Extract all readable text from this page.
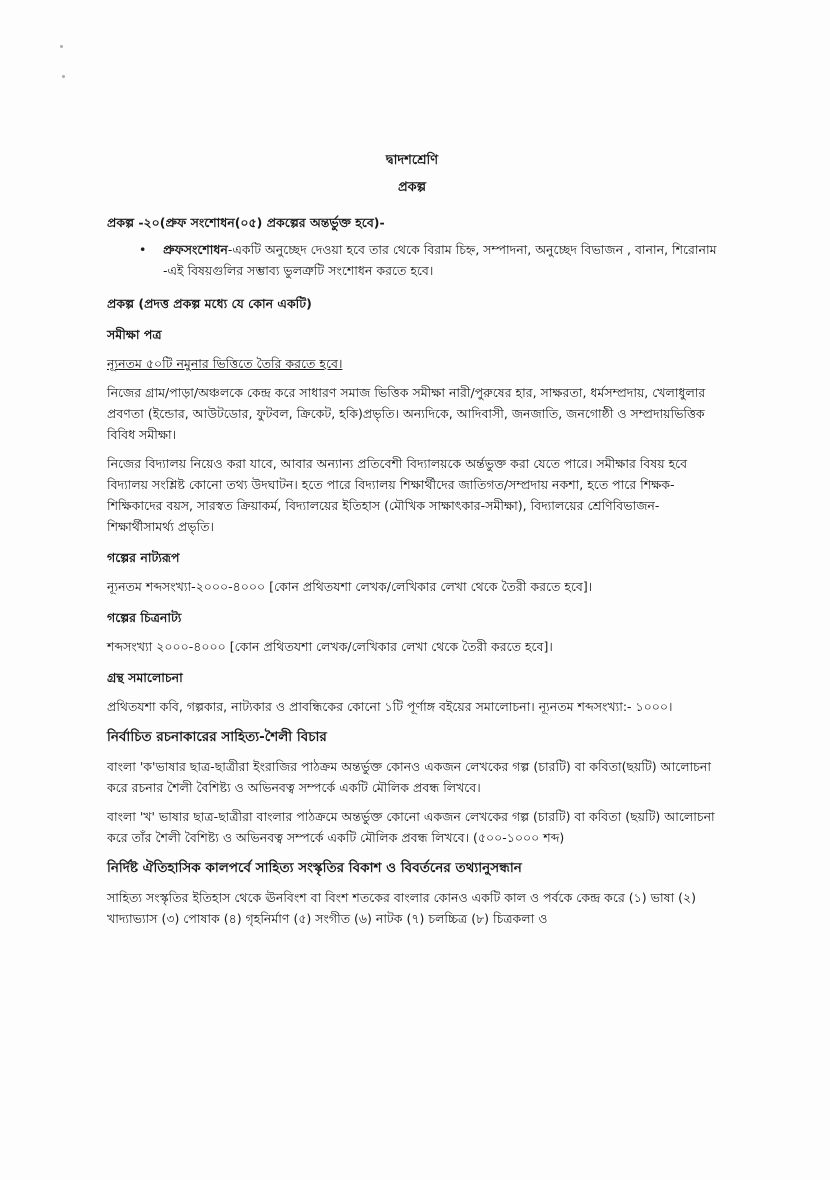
দ্বাদশশ্রেণি

প্রকল্প

প্রকল্প -২০(প্রুফ সংশোধন(০৫) প্রকল্পের অন্তর্ভুক্ত হবে)-

• প্রুফসংশোধন-একটি অনুচ্ছেদ দেওয়া হবে তার থেকে বিরাম চিহ্ন, সম্পাদনা, অনুচ্ছেদ বিভাজন , বানান, শিরোনাম -এই বিষয়গুলির সম্ভাব্য ভুলত্রুটি সংশোধন করতে হবে।

প্রকল্প (প্রদত্ত প্রকল্প মধ্যে যে কোন একটি)

সমীক্ষা পত্র

ন্যূনতম ৫০টি নমুনার ভিত্তিতে তৈরি করতে হবে।

নিজের গ্রাম/পাড়া/অঞ্চলকে কেন্দ্র করে সাধারণ সমাজ ভিত্তিক সমীক্ষা নারী/পুরুষের হার, সাক্ষরতা, ধর্মসম্প্রদায়, খেলাধুলার প্রবণতা (ইন্ডোর, আউটডোর, ফুটবল, ক্রিকেট, হকি)প্রভৃতি। অন্যদিকে, আদিবাসী, জনজাতি, জনগোষ্ঠী ও সম্প্রদায়ভিত্তিক বিবিধ সমীক্ষা।

নিজের বিদ্যালয় নিয়েও করা যাবে, আবার অন্যান্য প্রতিবেশী বিদ্যালয়কে অর্ন্তভুক্ত করা যেতে পারে। সমীক্ষার বিষয় হবে বিদ্যালয় সংশ্লিষ্ট কোনো তথ্য উদঘাটন। হতে পারে বিদ্যালয় শিক্ষার্থীদের জাতিগত/সম্প্রদায় নকশা, হতে পারে শিক্ষক- শিক্ষিকাদের বয়স, সারস্বত ক্রিয়াকর্ম, বিদ্যালয়ের ইতিহাস (মৌখিক সাক্ষাৎকার-সমীক্ষা), বিদ্যালয়ের শ্রেণিবিভাজন- শিক্ষার্থীসামর্থ্য প্রভৃতি।

গল্পের নাট্যরূপ

ন্যূনতম শব্দসংখ্যা-২০০০-৪০০০ [কোন প্রথিতযশা লেখক/লেখিকার লেখা থেকে তৈরী করতে হবে]।

গল্পের চিত্রনাট্য

শব্দসংখ্যা ২০০০-৪০০০ [কোন প্রথিতযশা লেখক/লেখিকার লেখা থেকে তৈরী করতে হবে]।

গ্রন্থ সমালোচনা

প্রথিতযশা কবি, গল্পকার, নাট্যকার ও প্রাবন্ধিকের কোনো ১টি পূর্ণাঙ্গ বইয়ের সমালোচনা। ন্যূনতম শব্দসংখ্যা:- ১০০০।

নির্বাচিত রচনাকারের সাহিত্য-শৈলী বিচার

বাংলা 'ক'ভাষার ছাত্র-ছাত্রীরা ইংরাজির পাঠক্রম অন্তর্ভুক্ত কোনও একজন লেখকের গল্প (চারটি) বা কবিতা(ছয়টি) আলোচনা করে রচনার শৈলী বৈশিষ্ট্য ও অভিনবত্ব সম্পর্কে একটি মৌলিক প্রবন্ধ লিখবে।

বাংলা 'খ' ভাষার ছাত্র-ছাত্রীরা বাংলার পাঠক্রমে অন্তর্ভুক্ত কোনো একজন লেখকের গল্প (চারটি) বা কবিতা (ছয়টি) আলোচনা করে তাঁর শৈলী বৈশিষ্ট্য ও অভিনবত্ব সম্পর্কে একটি মৌলিক প্রবন্ধ লিখবে। (৫০০-১০০০ শব্দ)

নির্দিষ্ট ঐতিহাসিক কালপর্বে সাহিত্য সংস্কৃতির বিকাশ ও বিবর্তনের তথ্যানুসন্ধান

সাহিত্য সংস্কৃতির ইতিহাস থেকে ঊনবিংশ বা বিংশ শতকের বাংলার কোনও একটি কাল ও পর্বকে কেন্দ্র করে (১) ভাষা (২) খাদ্যাভ্যাস (৩) পোষাক (৪) গৃহনির্মাণ (৫) সংগীত (৬) নাটক (৭) চলচ্চিত্র (৮) চিত্রকলা ও
